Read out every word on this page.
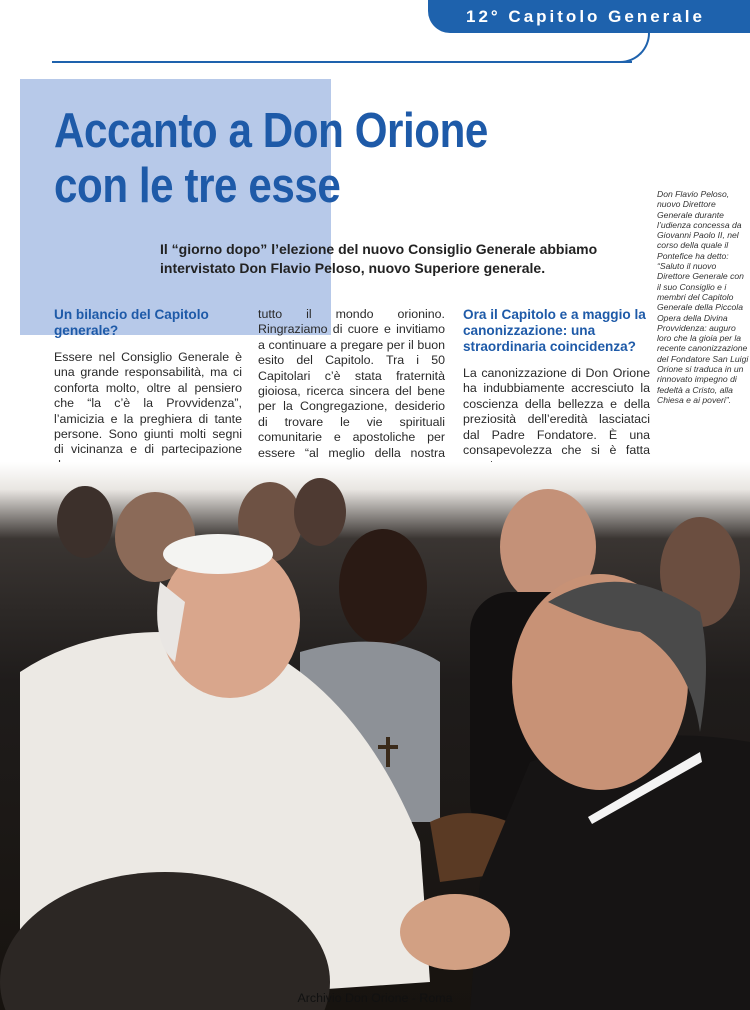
12° Capitolo Generale
Accanto a Don Orione
con le tre esse
Il “giorno dopo” l’elezione del nuovo Consiglio Generale abbiamo intervistato Don Flavio Peloso, nuovo Superiore generale.
Un bilancio del Capitolo generale?

Essere nel Consiglio Generale è una grande responsabilità, ma ci conforta molto, oltre al pensiero che “la c’è la Provvidenza”, l’amicizia e la preghiera di tante persone. Sono giunti molti segni di vicinanza e di partecipazione

tutto il mondo orionino. Ringraziamo di cuore e invitiamo a continuare a pregare per il buon esito del Capitolo. Tra i 50 Capitolari c’è stata fraternità gioiosa, ricerca sincera del bene per la Congregazione, desiderio di trovare le vie spirituali comunitarie e apostoliche per essere “al meglio della nostra

Ora il Capitolo e a maggio la canonizzazione: una straordinaria coincidenza?

La canonizzazione di Don Orione ha indubbiamente accresciuto la coscienza della bellezza e della preziosità dell’eredità lasciataci dal Padre Fondatore. È una consapevolezza che si è fatta

Don Flavio Peloso, nuovo Direttore Generale durante l’udienza concessa da Giovanni Paolo II, nel corso della quale il Pontefice ha detto: “Saluto il nuovo Direttore Generale con il suo Consiglio e i membri del Capitolo Generale della Piccola Opera della Divina Provvidenza: auguro loro che la gioia per la recente canonizzazione del Fondatore San Luigi Orione si traduca in un rinnovato impegno di fedeltà a Cristo, alla Chiesa e ai poveri”.
Archivio Don Orione - Roma
